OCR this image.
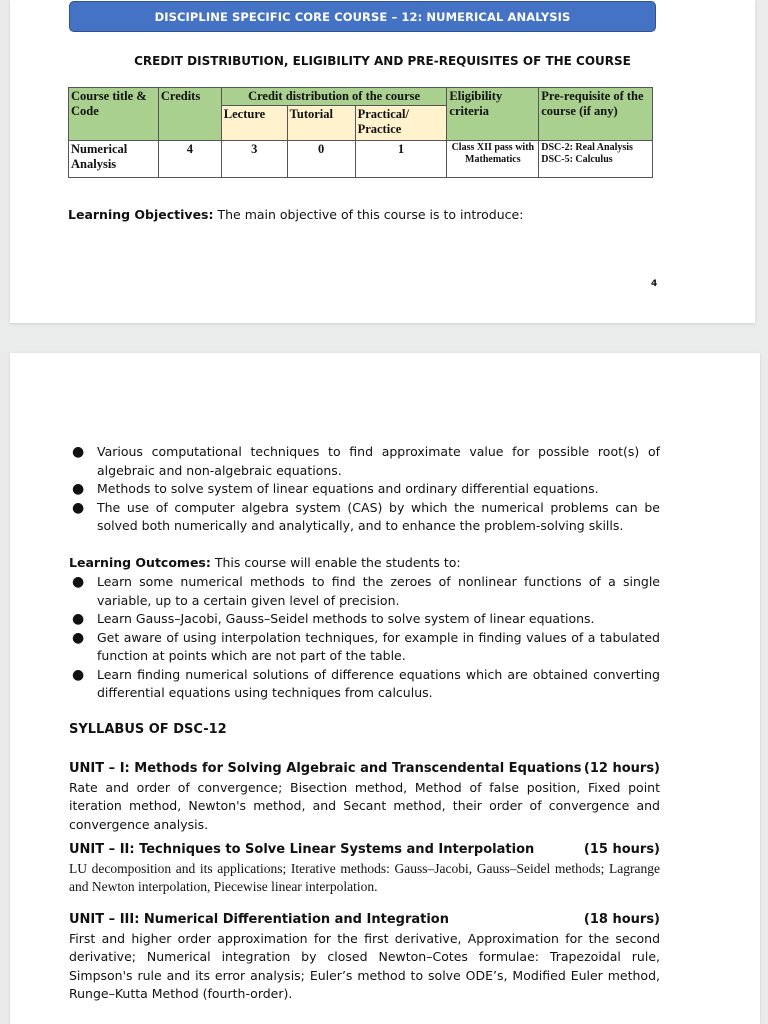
DISCIPLINE SPECIFIC CORE COURSE – 12: NUMERICAL ANALYSIS
CREDIT DISTRIBUTION, ELIGIBILITY AND PRE-REQUISITES OF THE COURSE
Course title & Code	Credits	Credit distribution of the course			Eligibility criteria	Pre-requisite of the course (if any)
		Lecture	Tutorial	Practical/ Practice		
Numerical Analysis	4	3	0	1	Class XII pass with Mathematics	DSC-2: Real Analysis
DSC-5: Calculus
Learning Objectives: The main objective of this course is to introduce:
4
● Various computational techniques to find approximate value for possible root(s) of algebraic and non-algebraic equations.
● Methods to solve system of linear equations and ordinary differential equations.
● The use of computer algebra system (CAS) by which the numerical problems can be solved both numerically and analytically, and to enhance the problem-solving skills.
Learning Outcomes: This course will enable the students to:
● Learn some numerical methods to find the zeroes of nonlinear functions of a single variable, up to a certain given level of precision.
● Learn Gauss–Jacobi, Gauss–Seidel methods to solve system of linear equations.
● Get aware of using interpolation techniques, for example in finding values of a tabulated function at points which are not part of the table.
● Learn finding numerical solutions of difference equations which are obtained converting differential equations using techniques from calculus.
SYLLABUS OF DSC-12
UNIT – I: Methods for Solving Algebraic and Transcendental Equations (12 hours)
Rate and order of convergence; Bisection method, Method of false position, Fixed point iteration method, Newton's method, and Secant method, their order of convergence and convergence analysis.
UNIT – II: Techniques to Solve Linear Systems and Interpolation	(15 hours)
LU decomposition and its applications; Iterative methods: Gauss–Jacobi, Gauss–Seidel methods; Lagrange and Newton interpolation, Piecewise linear interpolation.
UNIT – III: Numerical Differentiation and Integration	(18 hours)
First and higher order approximation for the first derivative, Approximation for the second derivative; Numerical integration by closed Newton–Cotes formulae: Trapezoidal rule, Simpson's rule and its error analysis; Euler’s method to solve ODE’s, Modified Euler method, Runge–Kutta Method (fourth-order).
